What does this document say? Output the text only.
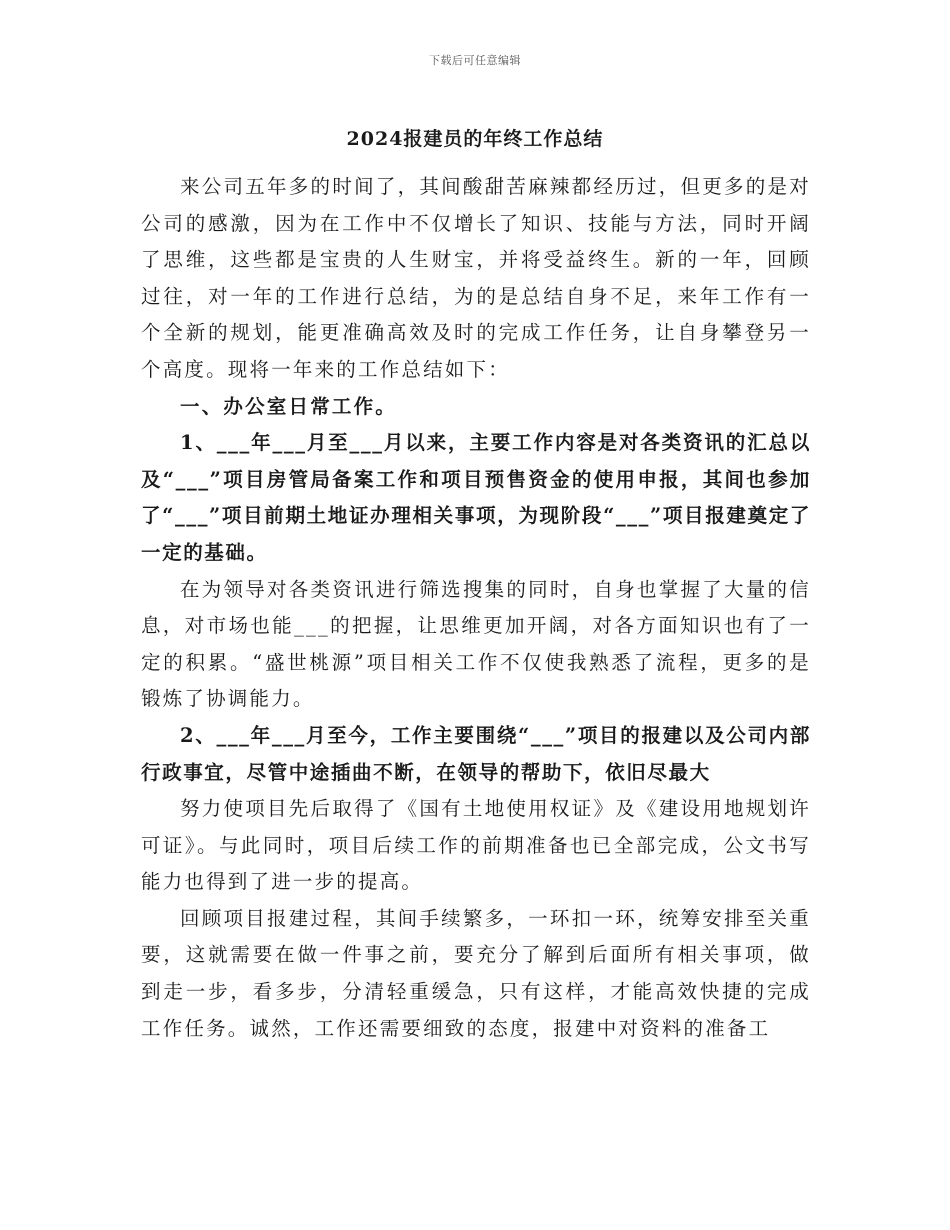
下载后可任意编辑
2024报建员的年终工作总结

来公司五年多的时间了，其间酸甜苦麻辣都经历过，但更多的是对公司的感激，因为在工作中不仅增长了知识、技能与方法，同时开阔了思维，这些都是宝贵的人生财宝，并将受益终生。新的一年，回顾过往，对一年的工作进行总结，为的是总结自身不足，来年工作有一个全新的规划，能更准确高效及时的完成工作任务，让自身攀登另一个高度。现将一年来的工作总结如下：

一、办公室日常工作。

1、___年___月至___月以来，主要工作内容是对各类资讯的汇总以及“___”项目房管局备案工作和项目预售资金的使用申报，其间也参加了“___”项目前期土地证办理相关事项，为现阶段“___”项目报建奠定了一定的基础。

在为领导对各类资讯进行筛选搜集的同时，自身也掌握了大量的信息，对市场也能___的把握，让思维更加开阔，对各方面知识也有了一定的积累。“盛世桃源”项目相关工作不仅使我熟悉了流程，更多的是锻炼了协调能力。

2、___年___月至今，工作主要围绕“___”项目的报建以及公司内部行政事宜，尽管中途插曲不断，在领导的帮助下，依旧尽最大

努力使项目先后取得了《国有土地使用权证》及《建设用地规划许可证》。与此同时，项目后续工作的前期准备也已全部完成，公文书写能力也得到了进一步的提高。

回顾项目报建过程，其间手续繁多，一环扣一环，统筹安排至关重要，这就需要在做一件事之前，要充分了解到后面所有相关事项，做到走一步，看多步，分清轻重缓急，只有这样，才能高效快捷的完成工作任务。诚然，工作还需要细致的态度，报建中对资料的准备工
